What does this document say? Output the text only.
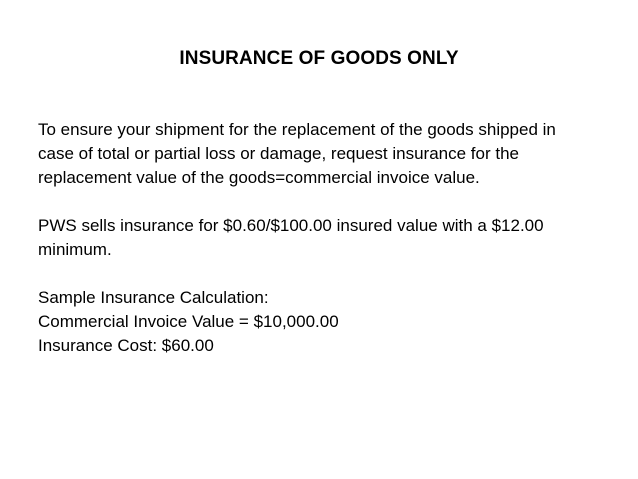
INSURANCE OF GOODS ONLY
To ensure your shipment for the replacement of the goods shipped in
case of total or partial loss or damage, request insurance for the
replacement value of the goods=commercial invoice value.
PWS sells insurance for $0.60/$100.00 insured value with a $12.00
minimum.
Sample Insurance Calculation:
Commercial Invoice Value = $10,000.00
Insurance Cost: $60.00
